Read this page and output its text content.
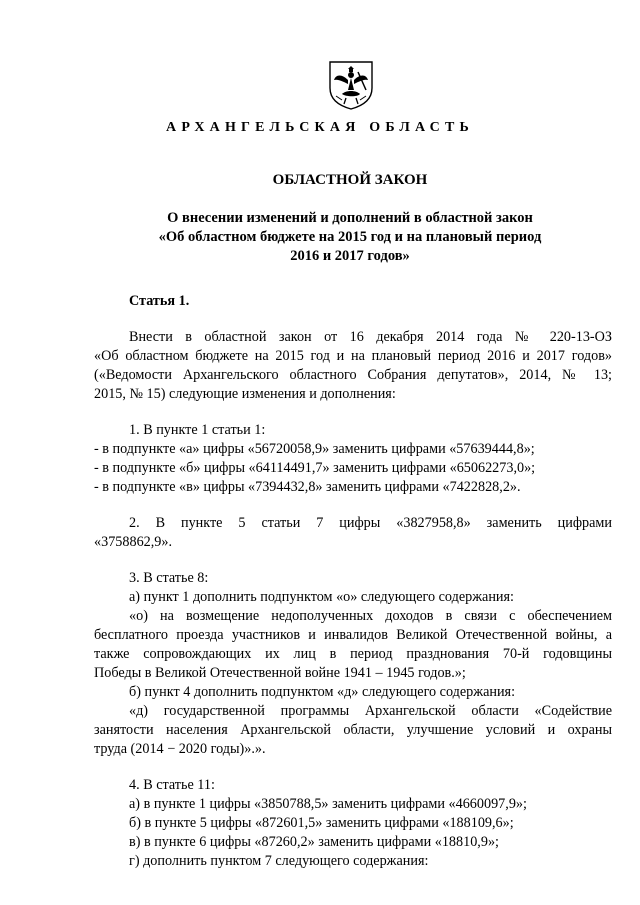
АРХАНГЕЛЬСКАЯ ОБЛАСТЬ
ОБЛАСТНОЙ ЗАКОН
О внесении изменений и дополнений в областной закон
«Об областном бюджете на 2015 год и на плановый период
2016 и 2017 годов»
Статья 1.
Внести в областной закон от 16 декабря 2014 года № 220-13-ОЗ
«Об областном бюджете на 2015 год и на плановый период 2016 и 2017 годов»
(«Ведомости Архангельского областного Собрания депутатов», 2014, № 13;
2015, № 15) следующие изменения и дополнения:
1. В пункте 1 статьи 1:
- в подпункте «а» цифры «56720058,9» заменить цифрами «57639444,8»;
- в подпункте «б» цифры «64114491,7» заменить цифрами «65062273,0»;
- в подпункте «в» цифры «7394432,8» заменить цифрами «7422828,2».
2. В пункте 5 статьи 7 цифры «3827958,8» заменить цифрами
«3758862,9».
3. В статье 8:
а) пункт 1 дополнить подпунктом «о» следующего содержания:
«о) на возмещение недополученных доходов в связи с обеспечением
бесплатного проезда участников и инвалидов Великой Отечественной войны, а
также сопровождающих их лиц в период празднования 70-й годовщины
Победы в Великой Отечественной войне 1941 – 1945 годов.»;
б) пункт 4 дополнить подпунктом «д» следующего содержания:
«д) государственной программы Архангельской области «Содействие
занятости населения Архангельской области, улучшение условий и охраны
труда (2014 − 2020 годы)».».
4. В статье 11:
а) в пункте 1 цифры «3850788,5» заменить цифрами «4660097,9»;
б) в пункте 5 цифры «872601,5» заменить цифрами «188109,6»;
в) в пункте 6 цифры «87260,2» заменить цифрами «18810,9»;
г) дополнить пунктом 7 следующего содержания:
